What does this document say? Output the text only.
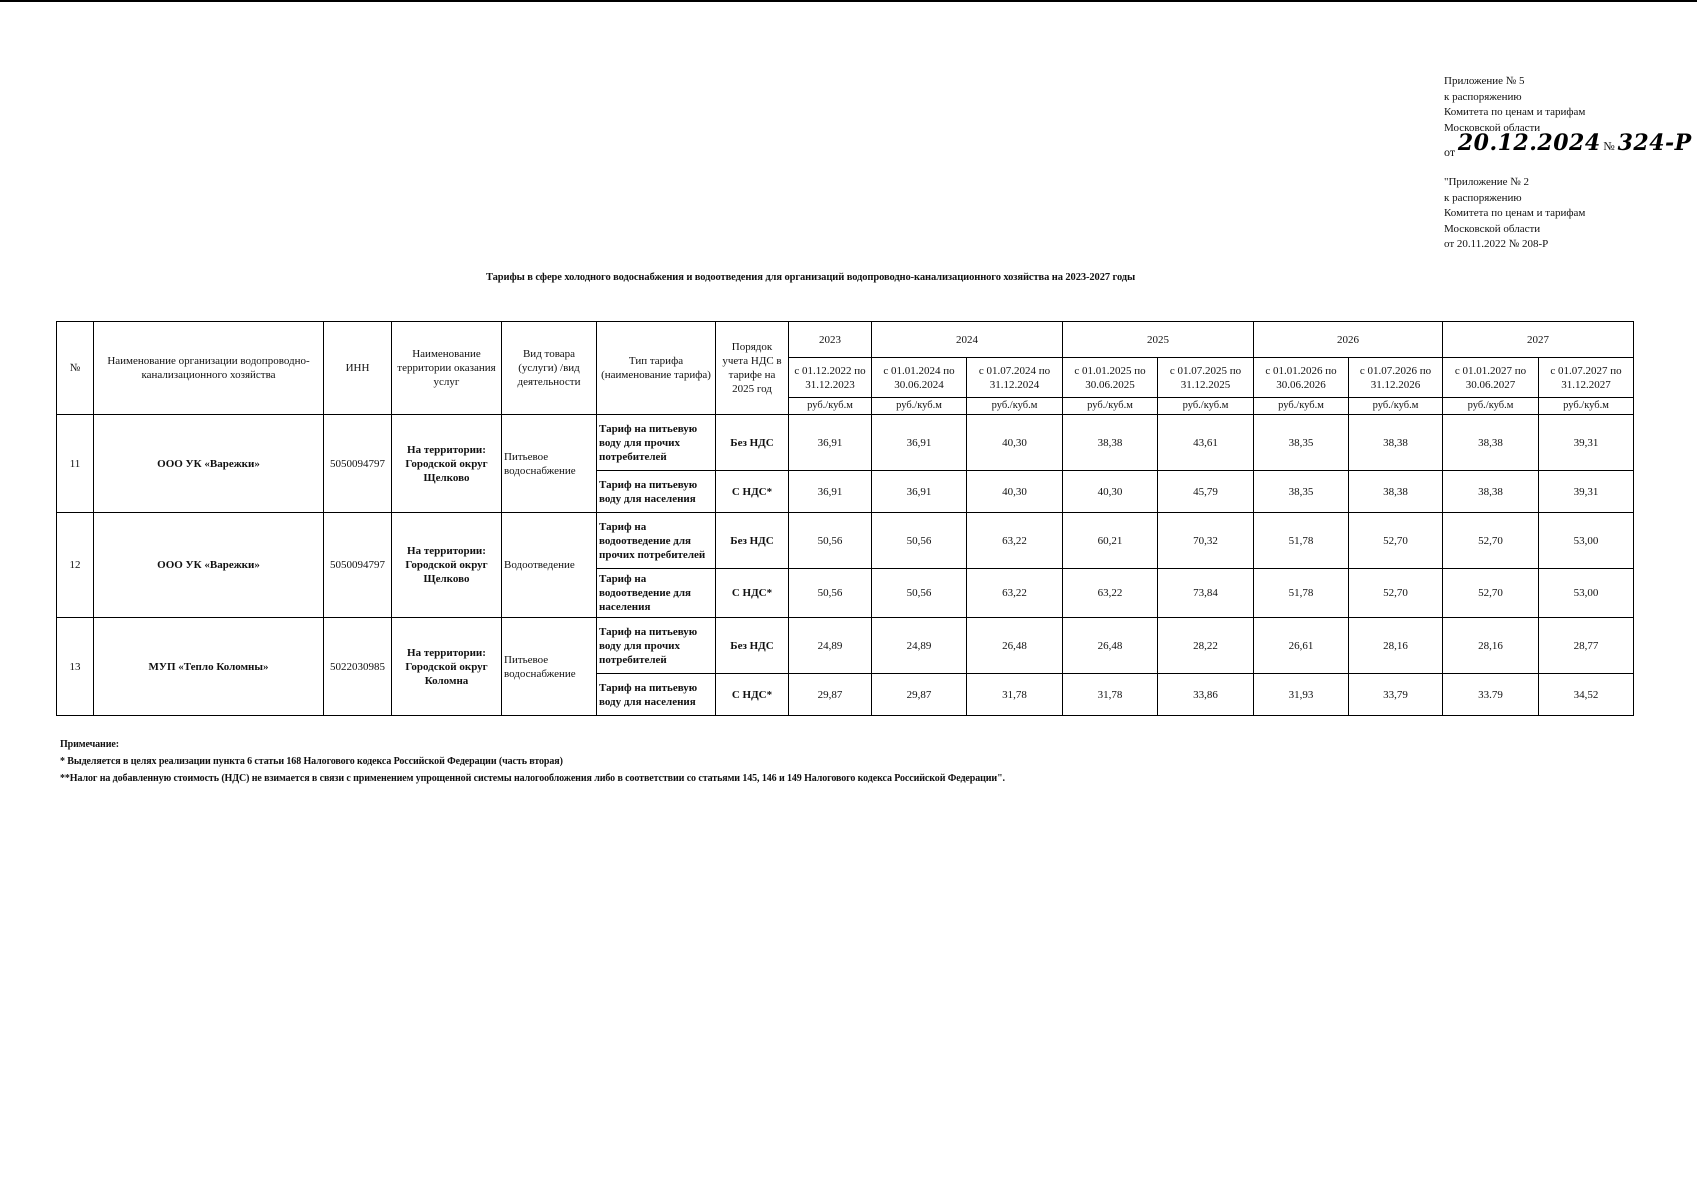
Приложение № 5
к распоряжению
Комитета по ценам и тарифам
Московской области
от 20.12.2024 № 324-Р
"Приложение № 2
к распоряжению
Комитета по ценам и тарифам
Московской области
от 20.11.2022 № 208-Р
Тарифы в сфере холодного водоснабжения и водоотведения для организаций водопроводно-канализационного хозяйства на 2023-2027 годы
№	Наименование организации водопроводно-канализационного хозяйства	ИНН	Наименование территории оказания услуг	Вид товара (услуги) /вид деятельности	Тип тарифа (наименование тарифа)	Порядок учета НДС в тарифе на 2025 год	2023	2024		2025		2026		2027	
							с 01.12.2022 по 31.12.2023	с 01.01.2024 по 30.06.2024	с 01.07.2024 по 31.12.2024	с 01.01.2025 по 30.06.2025	с 01.07.2025 по 31.12.2025	с 01.01.2026 по 30.06.2026	с 01.07.2026 по 31.12.2026	с 01.01.2027 по 30.06.2027	с 01.07.2027 по 31.12.2027
							руб./куб.м	руб./куб.м	руб./куб.м	руб./куб.м	руб./куб.м	руб./куб.м	руб./куб.м	руб./куб.м	руб./куб.м
11	ООО УК «Варежки»	5050094797	На территории: Городской округ Щелково	Питьевое водоснабжение	Тариф на питьевую воду для прочих потребителей	Без НДС	36,91	36,91	40,30	38,38	43,61	38,35	38,38	38,38	39,31
					Тариф на питьевую воду для населения	С НДС*	36,91	36,91	40,30	40,30	45,79	38,35	38,38	38,38	39,31
12	ООО УК «Варежки»	5050094797	На территории: Городской округ Щелково	Водоотведение	Тариф на водоотведение для прочих потребителей	Без НДС	50,56	50,56	63,22	60,21	70,32	51,78	52,70	52,70	53,00
					Тариф на водоотведение для населения	С НДС*	50,56	50,56	63,22	63,22	73,84	51,78	52,70	52,70	53,00
13	МУП «Тепло Коломны»	5022030985	На территории: Городской округ Коломна	Питьевое водоснабжение	Тариф на питьевую воду для прочих потребителей	Без НДС	24,89	24,89	26,48	26,48	28,22	26,61	28,16	28,16	28,77
					Тариф на питьевую воду для населения	С НДС*	29,87	29,87	31,78	31,78	33,86	31,93	33,79	33.79	34,52
Примечание:
* Выделяется в целях реализации пункта 6 статьи 168 Налогового кодекса Российской Федерации (часть вторая)
**Налог на добавленную стоимость (НДС) не взимается в связи с применением упрощенной системы налогообложения либо в соответствии со статьями 145, 146 и 149 Налогового кодекса Российской Федерации".
